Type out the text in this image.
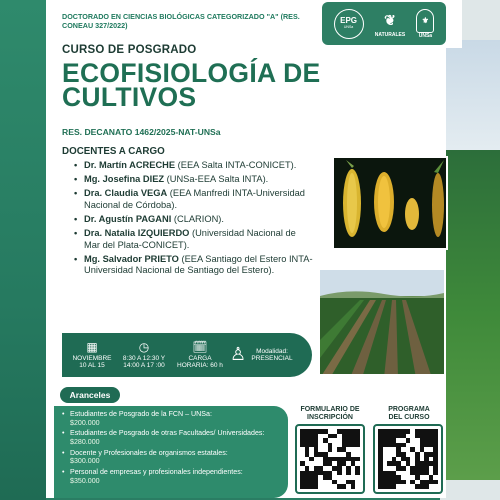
DOCTORADO EN CIENCIAS BIOLÓGICAS CATEGORIZADO "A" (RES. CONEAU 327/2022)
EPG
UNSa	❦
NATURALES
⚜
UNSa
CURSO DE POSGRADO
ECOFISIOLOGÍA DE
CULTIVOS
RES. DECANATO 1462/2025-NAT-UNSa
DOCENTES A CARGO
• Dr. Martín ACRECHE (EEA Salta INTA-CONICET).
• Mg. Josefina DIEZ (UNSa-EEA Salta INTA).
• Dra. Claudia VEGA (EEA Manfredi INTA-Universidad Nacional de Córdoba).
• Dr. Agustín PAGANI (CLARION).
• Dra. Natalia IZQUIERDO (Universidad Nacional de Mar del Plata-CONICET).
• Mg. Salvador PRIETO (EEA Santiago del Estero INTA-Universidad Nacional de Santiago del Estero).
▦
NOVIEMBRE
10 AL 15
◷
8:30 A 12:30 Y
14:00 A 17 :00
🗓
CARGA
HORARIA: 60 h
♙ Modalidad:
PRESENCIAL
Aranceles
• Estudiantes de Posgrado de la FCN – UNSa:
$200.000
• Estudiantes de Posgrado de otras Facultades/ Universidades:
$280.000
• Docente y Profesionales de organismos estatales:
$300.000
• Personal de empresas y profesionales independientes:
$350.000
FORMULARIO DE
INSCRIPCIÓN
PROGRAMA
DEL CURSO
